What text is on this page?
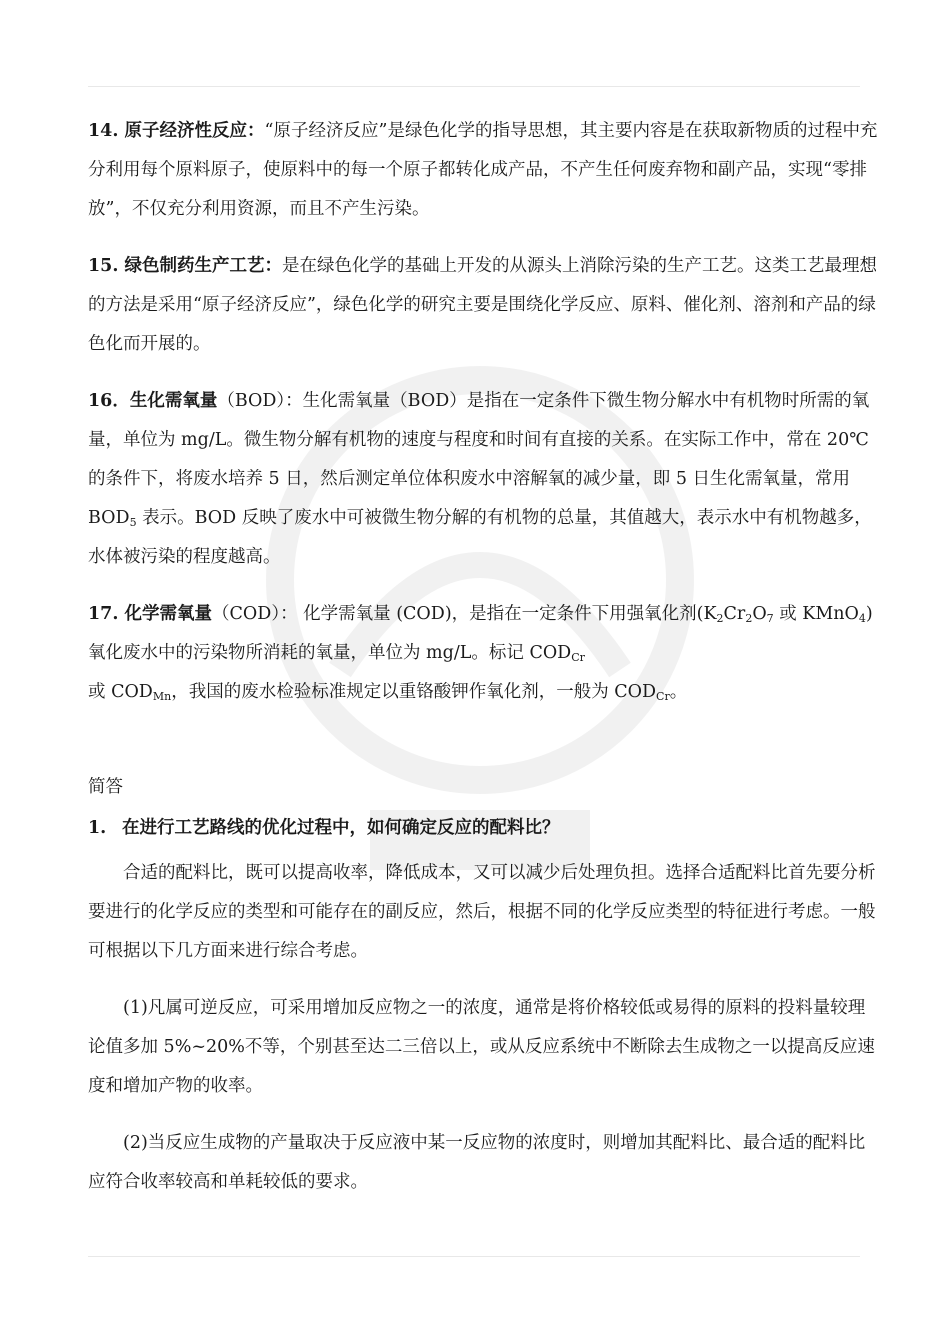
14. 原子经济性反应：“原子经济反应”是绿色化学的指导思想，其主要内容是在获取新物质的过程中充分利用每个原料原子，使原料中的每一个原子都转化成产品，不产生任何废弃物和副产品，实现“零排放”，不仅充分利用资源，而且不产生污染。

15. 绿色制药生产工艺：是在绿色化学的基础上开发的从源头上消除污染的生产工艺。这类工艺最理想的方法是采用“原子经济反应”，绿色化学的研究主要是围绕化学反应、原料、催化剂、溶剂和产品的绿色化而开展的。

16．生化需氧量（BOD）：生化需氧量（BOD）是指在一定条件下微生物分解水中有机物时所需的氧量，单位为 mg/L。微生物分解有机物的速度与程度和时间有直接的关系。在实际工作中，常在 20℃的条件下，将废水培养 5 日，然后测定单位体积废水中溶解氧的减少量，即 5 日生化需氧量，常用 $BOD_5$ 表示。BOD 反映了废水中可被微生物分解的有机物的总量，其值越大，表示水中有机物越多，水体被污染的程度越高。

17. 化学需氧量（COD）： 化学需氧量 (COD)，是指在一定条件下用强氧化剂($K_2Cr_2O_7$ 或 KMnO$_4$)氧化废水中的污染物所消耗的氧量，单位为 mg/L。标记 $COD_{Cr}$
或 $COD_{Mn}$，我国的废水检验标准规定以重铬酸钾作氧化剂，一般为 $COD_{Cr}$。

简答
1. 在进行工艺路线的优化过程中，如何确定反应的配料比？

合适的配料比，既可以提高收率，降低成本，又可以减少后处理负担。选择合适配料比首先要分析要进行的化学反应的类型和可能存在的副反应，然后，根据不同的化学反应类型的特征进行考虑。一般可根据以下几方面来进行综合考虑。

(1)凡属可逆反应，可采用增加反应物之一的浓度，通常是将价格较低或易得的原料的投料量较理论值多加 5%~20%不等，个别甚至达二三倍以上，或从反应系统中不断除去生成物之一以提高反应速度和增加产物的收率。

(2)当反应生成物的产量取决于反应液中某一反应物的浓度时，则增加其配料比、最合适的配料比应符合收率较高和单耗较低的要求。
